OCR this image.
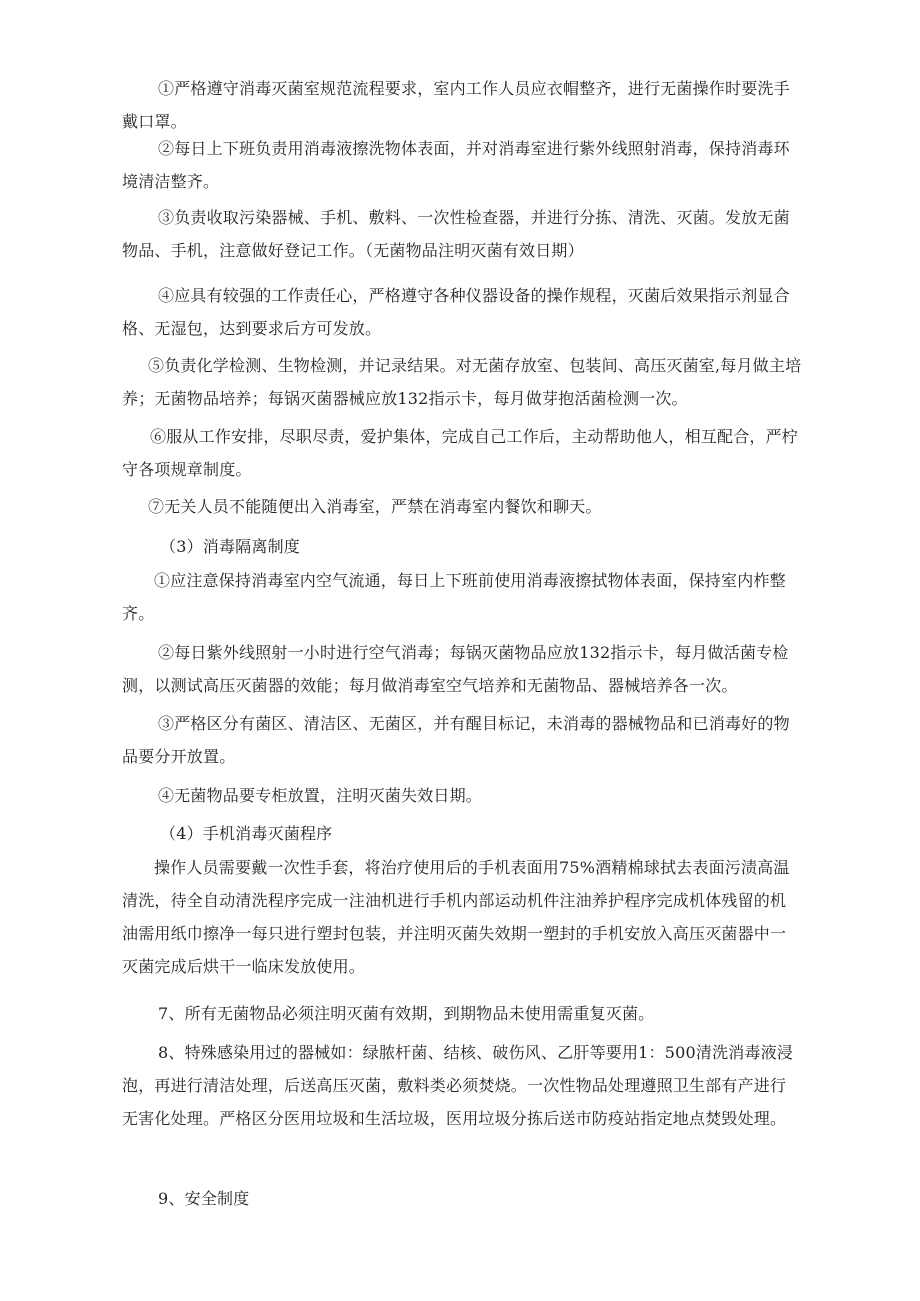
①严格遵守消毒灭菌室规范流程要求，室内工作人员应衣帽整齐，进行无菌操作时要洗手戴口罩。

②每日上下班负责用消毒液擦洗物体表面，并对消毒室进行紫外线照射消毒，保持消毒环境清洁整齐。

③负责收取污染器械、手机、敷料、一次性检查器，并进行分拣、清洗、灭菌。发放无菌物品、手机，注意做好登记工作。（无菌物品注明灭菌有效日期）

④应具有较强的工作责任心，严格遵守各种仪器设备的操作规程，灭菌后效果指示剂显合格、无湿包，达到要求后方可发放。

⑤负责化学检测、生物检测，并记录结果。对无菌存放室、包装间、高压灭菌室,每月做主培养；无菌物品培养；每锅灭菌器械应放132指示卡，每月做芽抱活菌检测一次。

⑥服从工作安排，尽职尽责，爱护集体，完成自己工作后，主动帮助他人，相互配合，严柠守各项规章制度。

⑦无关人员不能随便出入消毒室，严禁在消毒室内餐饮和聊天。

（3）消毒隔离制度

①应注意保持消毒室内空气流通，每日上下班前使用消毒液擦拭物体表面，保持室内柞整齐。

②每日紫外线照射一小时进行空气消毒；每锅灭菌物品应放132指示卡，每月做活菌专检测，以测试高压灭菌器的效能；每月做消毒室空气培养和无菌物品、器械培养各一次。

③严格区分有菌区、清洁区、无菌区，并有醒目标记，未消毒的器械物品和已消毒好的物品要分开放置。

④无菌物品要专柜放置，注明灭菌失效日期。

（4）手机消毒灭菌程序

操作人员需要戴一次性手套，将治疗使用后的手机表面用75%酒精棉球拭去表面污渍高温清洗，待全自动清洗程序完成一注油机进行手机内部运动机件注油养护程序完成机体残留的机油需用纸巾擦净一每只进行塑封包装，并注明灭菌失效期一塑封的手机安放入高压灭菌器中一灭菌完成后烘干一临床发放使用。

7、所有无菌物品必须注明灭菌有效期，到期物品未使用需重复灭菌。

8、特殊感染用过的器械如：绿脓杆菌、结核、破伤风、乙肝等要用1：500清洗消毒液浸泡，再进行清洁处理，后送高压灭菌，敷料类必须焚烧。一次性物品处理遵照卫生部有产进行无害化处理。严格区分医用垃圾和生活垃圾，医用垃圾分拣后送市防疫站指定地点焚毁处理。

9、安全制度
